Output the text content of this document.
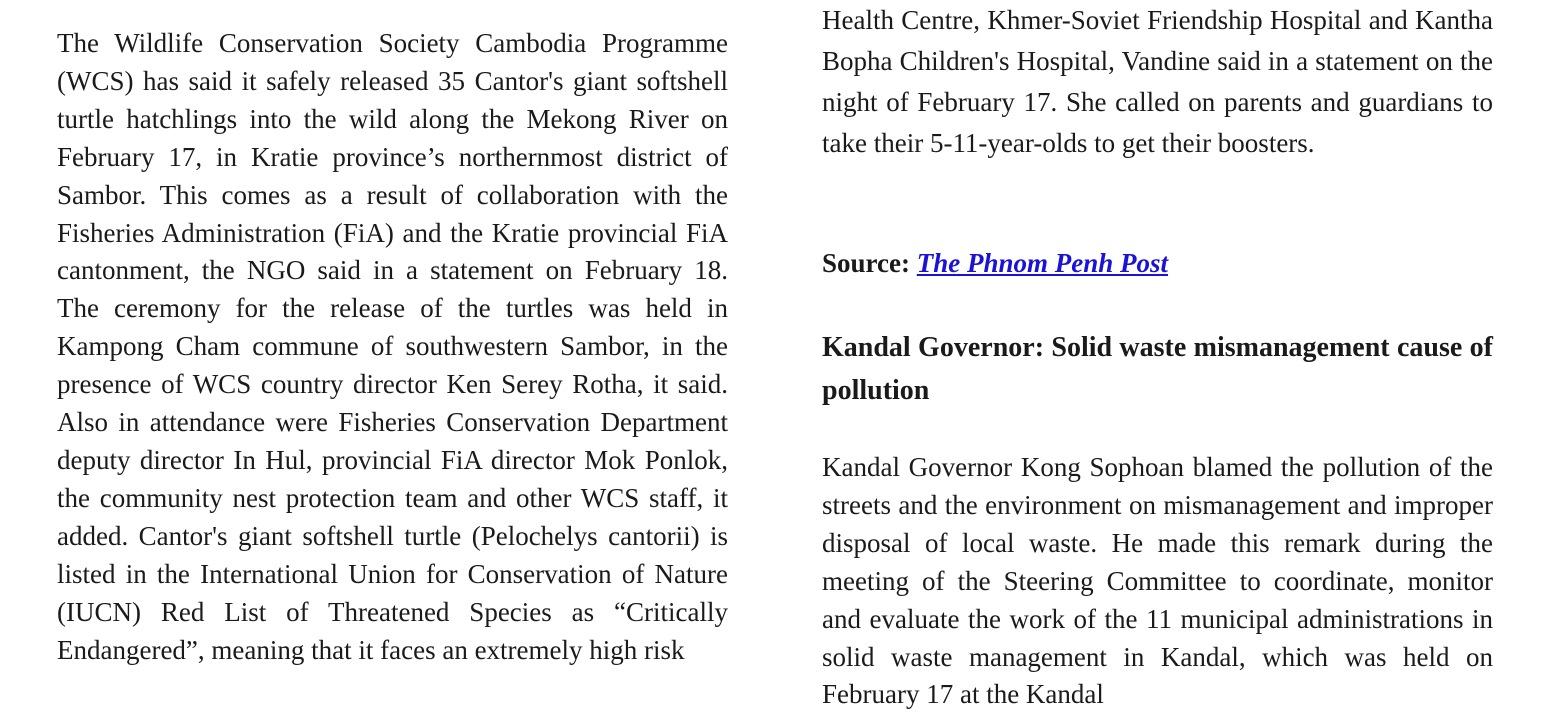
The Wildlife Conservation Society Cambodia Programme (WCS) has said it safely released 35 Cantor's giant softshell turtle hatchlings into the wild along the Mekong River on February 17, in Kratie province’s northernmost district of Sambor. This comes as a result of collaboration with the Fisheries Administration (FiA) and the Kratie provincial FiA cantonment, the NGO said in a statement on February 18. The ceremony for the release of the turtles was held in Kampong Cham commune of southwestern Sambor, in the presence of WCS country director Ken Serey Rotha, it said. Also in attendance were Fisheries Conservation Department deputy director In Hul, provincial FiA director Mok Ponlok, the community nest protection team and other WCS staff, it added. Cantor's giant softshell turtle (Pelochelys cantorii) is listed in the International Union for Conservation of Nature (IUCN) Red List of Threatened Species as “Critically Endangered”, meaning that it faces an extremely high risk

Health Centre, Khmer-Soviet Friendship Hospital and Kantha Bopha Children's Hospital, Vandine said in a statement on the night of February 17. She called on parents and guardians to take their 5-11-year-olds to get their boosters.

Source: The Phnom Penh Post

Kandal Governor: Solid waste mismanagement cause of pollution

Kandal Governor Kong Sophoan blamed the pollution of the streets and the environment on mismanagement and improper disposal of local waste. He made this remark during the meeting of the Steering Committee to coordinate, monitor and evaluate the work of the 11 municipal administrations in solid waste management in Kandal, which was held on February 17 at the Kandal
